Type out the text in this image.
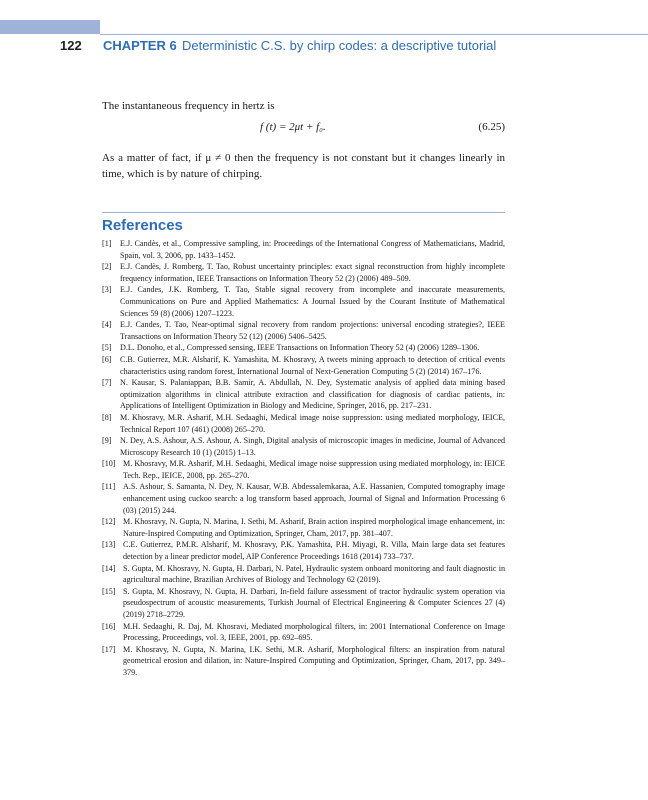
122 CHAPTER 6 Deterministic C.S. by chirp codes: a descriptive tutorial
The instantaneous frequency in hertz is
f (t) = 2μt + f₀.	(6.25)
As a matter of fact, if μ ≠ 0 then the frequency is not constant but it changes linearly in time, which is by nature of chirping.
References
[1] E.J. Candès, et al., Compressive sampling, in: Proceedings of the International Congress of Mathematicians, Madrid, Spain, vol. 3, 2006, pp. 1433–1452.
[2] E.J. Candès, J. Romberg, T. Tao, Robust uncertainty principles: exact signal reconstruction from highly incomplete frequency information, IEEE Transactions on Information Theory 52 (2) (2006) 489–509.
[3] E.J. Candes, J.K. Romberg, T. Tao, Stable signal recovery from incomplete and inaccurate measurements, Communications on Pure and Applied Mathematics: A Journal Issued by the Courant Institute of Mathematical Sciences 59 (8) (2006) 1207–1223.
[4] E.J. Candes, T. Tao, Near-optimal signal recovery from random projections: universal encoding strategies?, IEEE Transactions on Information Theory 52 (12) (2006) 5406–5425.
[5] D.L. Donoho, et al., Compressed sensing, IEEE Transactions on Information Theory 52 (4) (2006) 1289–1306.
[6] C.B. Gutierrez, M.R. Alsharif, K. Yamashita, M. Khosravy, A tweets mining approach to detection of critical events characteristics using random forest, International Journal of Next-Generation Computing 5 (2) (2014) 167–176.
[7] N. Kausar, S. Palaniappan, B.B. Samir, A. Abdullah, N. Dey, Systematic analysis of applied data mining based optimization algorithms in clinical attribute extraction and classification for diagnosis of cardiac patients, in: Applications of Intelligent Optimization in Biology and Medicine, Springer, 2016, pp. 217–231.
[8] M. Khosravy, M.R. Asharif, M.H. Sedaaghi, Medical image noise suppression: using mediated morphology, IEICE, Technical Report 107 (461) (2008) 265–270.
[9] N. Dey, A.S. Ashour, A.S. Ashour, A. Singh, Digital analysis of microscopic images in medicine, Journal of Advanced Microscopy Research 10 (1) (2015) 1–13.
[10] M. Khosravy, M.R. Asharif, M.H. Sedaaghi, Medical image noise suppression using mediated morphology, in: IEICE Tech. Rep., IEICE, 2008, pp. 265–270.
[11] A.S. Ashour, S. Samanta, N. Dey, N. Kausar, W.B. Abdessalemkaraa, A.E. Hassanien, Computed tomography image enhancement using cuckoo search: a log transform based approach, Journal of Signal and Information Processing 6 (03) (2015) 244.
[12] M. Khosravy, N. Gupta, N. Marina, I. Sethi, M. Asharif, Brain action inspired morphological image enhancement, in: Nature-Inspired Computing and Optimization, Springer, Cham, 2017, pp. 381–407.
[13] C.E. Gutierrez, P.M.R. Alsharif, M. Khosravy, P.K. Yamashita, P.H. Miyagi, R. Villa, Main large data set features detection by a linear predictor model, AIP Conference Proceedings 1618 (2014) 733–737.
[14] S. Gupta, M. Khosravy, N. Gupta, H. Darbari, N. Patel, Hydraulic system onboard monitoring and fault diagnostic in agricultural machine, Brazilian Archives of Biology and Technology 62 (2019).
[15] S. Gupta, M. Khosravy, N. Gupta, H. Darbari, In-field failure assessment of tractor hydraulic system operation via pseudospectrum of acoustic measurements, Turkish Journal of Electrical Engineering & Computer Sciences 27 (4) (2019) 2718–2729.
[16] M.H. Sedaaghi, R. Daj, M. Khosravi, Mediated morphological filters, in: 2001 International Conference on Image Processing, Proceedings, vol. 3, IEEE, 2001, pp. 692–695.
[17] M. Khosravy, N. Gupta, N. Marina, I.K. Sethi, M.R. Asharif, Morphological filters: an inspiration from natural geometrical erosion and dilation, in: Nature-Inspired Computing and Optimization, Springer, Cham, 2017, pp. 349–379.
